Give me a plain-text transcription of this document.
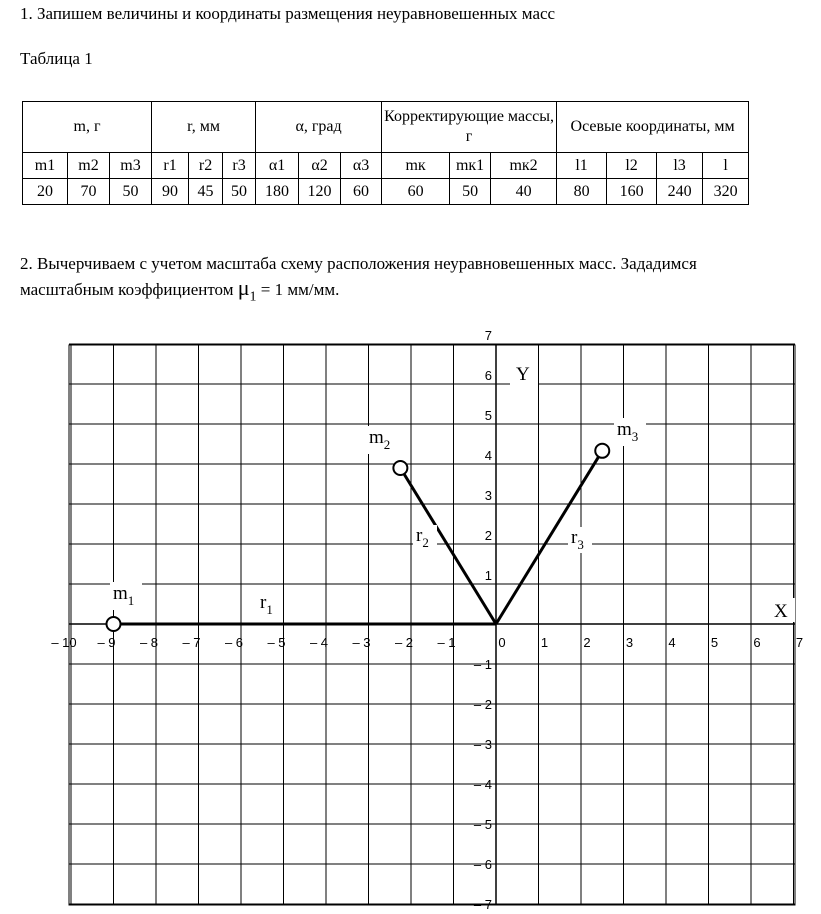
1. Запишем величины и координаты размещения неуравновешенных масс
Таблица 1
m, г			r, мм			α, град			Корректирующие массы, г			Осевые координаты, мм			
m1	m2	m3	r1	r2	r3	α1	α2	α3	mк	mк1	mк2	l1	l2	l3	l
20	70	50	90	45	50	180	120	60	60	50	40	80	160	240	320
2. Вычерчиваем с учетом масштаба схему расположения неуравновешенных масс. Зададимся
масштабным коэффициентом $\mu_1 = 1$ мм/мм.
– 10 – 9 – 8 – 7 – 6 – 5 – 4 – 3 – 2 – 1	0	1	2	3	4	5	6	7
7
6
5
4
3
2
1
– 1
– 2
– 3
– 4
– 5
– 6
– 7
X
Y
$m_1$
$m_2$
$m_3$
$r_1$
$r_2$	$r_3$
